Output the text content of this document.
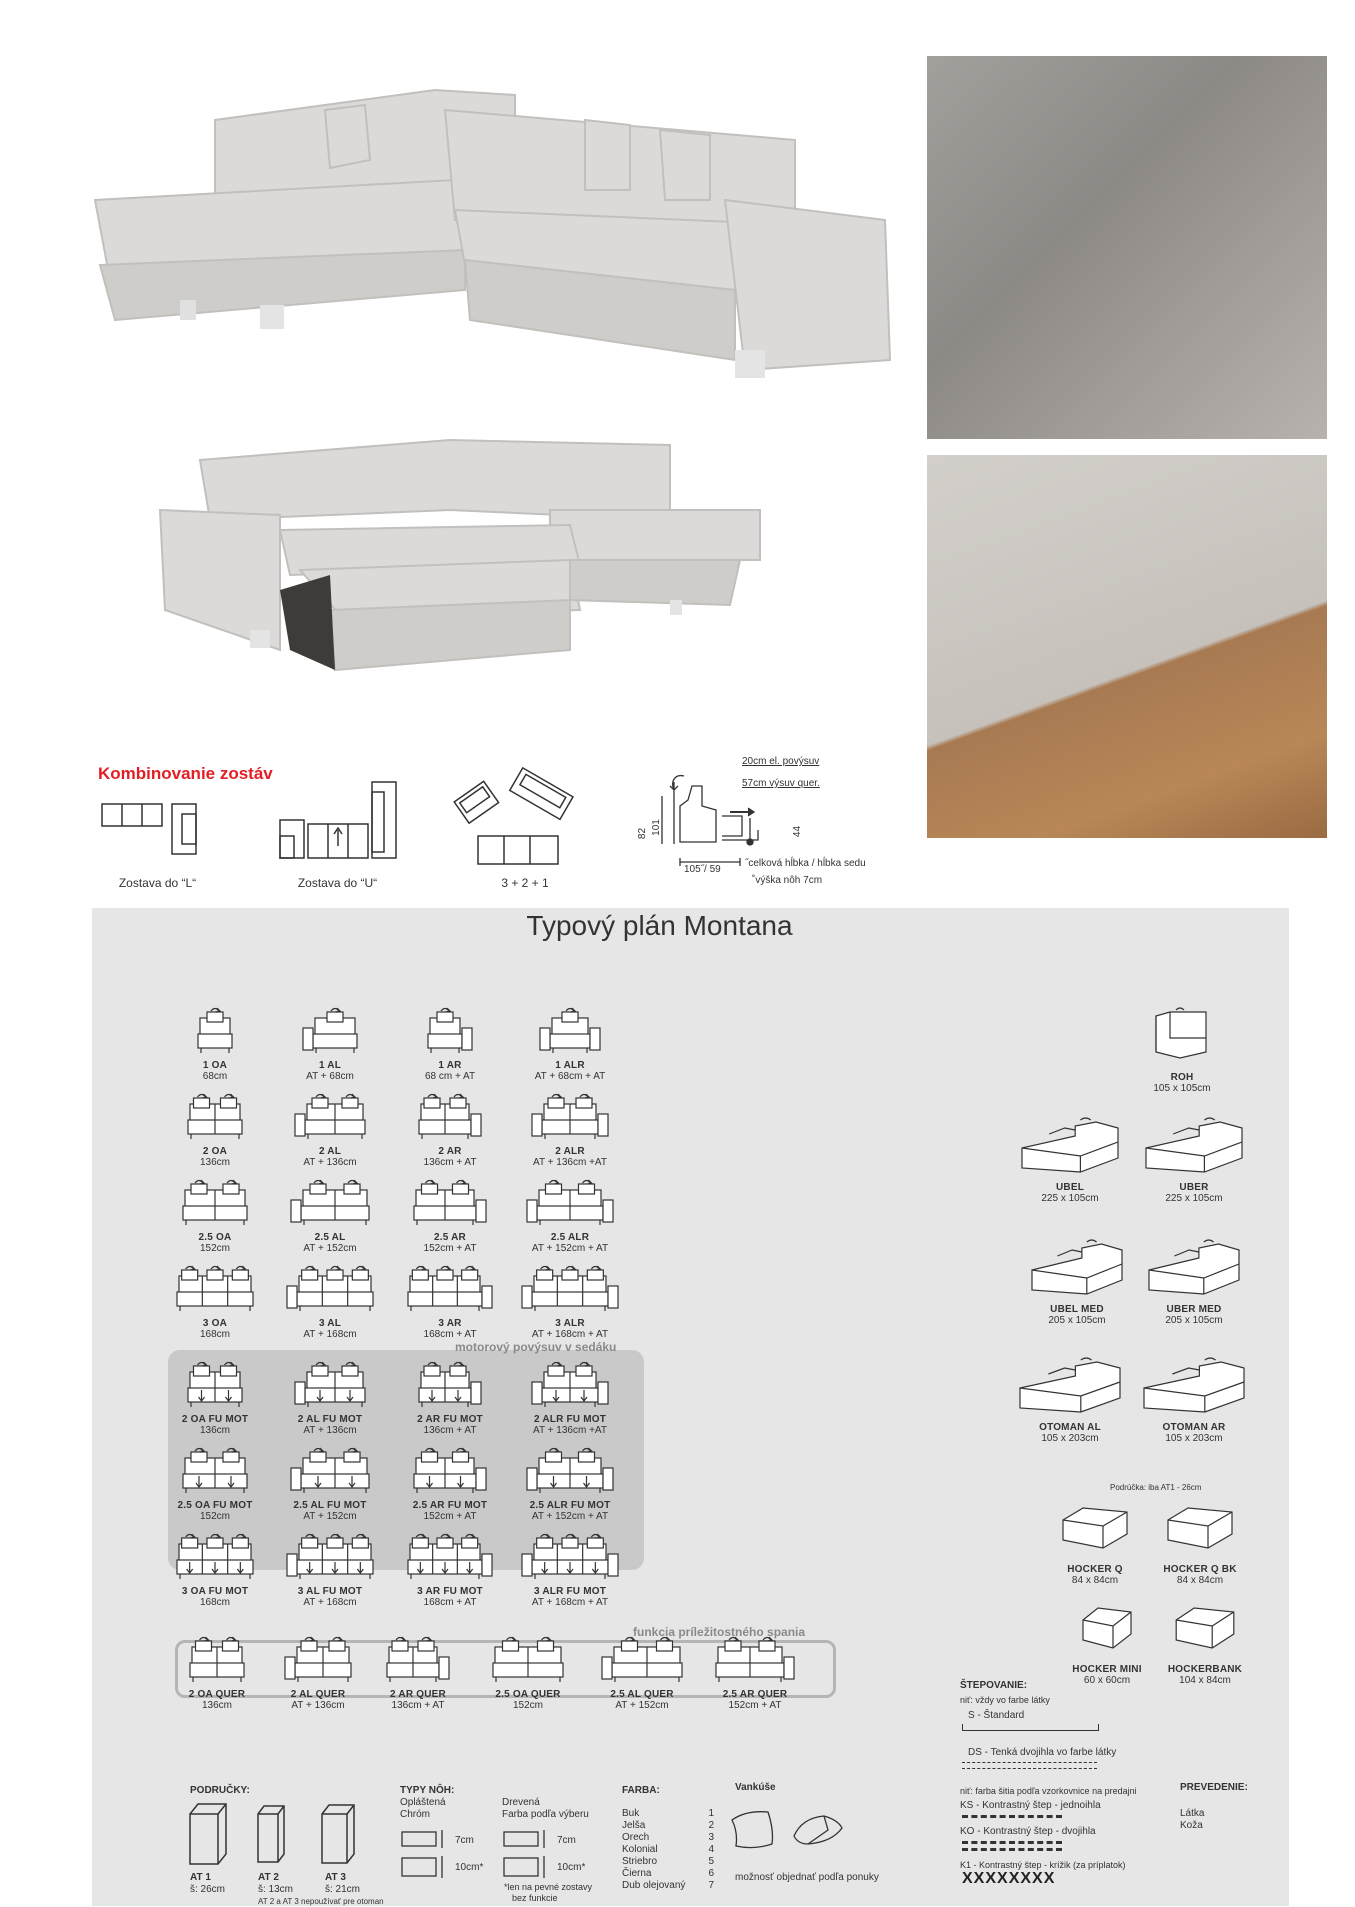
Kombinovanie zostáv
Zostava do “L“	Zostava do “U“	3 + 2 + 1
20cm el. povýsuv
57cm výsuv quer.
82 101	44
105˝/ 59
˝celková hĺbka / hĺbka sedu
˚výška nôh 7cm
Typový plán Montana
motorový povýsuv v sedáku
funkcia príležitostného spania
1 OA
68cm
1 AL
AT + 68cm
1 AR
68 cm + AT
1 ALR
AT + 68cm + AT
2 OA
136cm
2 AL
AT + 136cm
2 AR
136cm + AT
2 ALR
AT + 136cm +AT
2.5 OA
152cm
2.5 AL
AT + 152cm
2.5 AR
152cm + AT
2.5 ALR
AT + 152cm + AT
3 OA
168cm
3 AL
AT + 168cm
3 AR
168cm + AT
3 ALR
AT + 168cm + AT
2 OA FU MOT
136cm
2 AL FU MOT
AT + 136cm
2 AR FU MOT
136cm + AT
2 ALR FU MOT
AT + 136cm +AT
2.5 OA FU MOT
152cm
2.5 AL FU MOT
AT + 152cm
2.5 AR FU MOT
152cm + AT
2.5 ALR FU MOT
AT + 152cm + AT
3 OA FU MOT
168cm
3 AL FU MOT
AT + 168cm
3 AR FU MOT
168cm + AT
3 ALR FU MOT
AT + 168cm + AT
2 OA QUER
136cm
2 AL QUER
AT + 136cm
2 AR QUER
136cm + AT
2.5 OA QUER
152cm
2.5 AL QUER
AT + 152cm
2.5 AR QUER
152cm + AT
ROH
105 x 105cm
UBEL
225 x 105cm
UBER
225 x 105cm
UBEL MED
205 x 105cm
UBER MED
205 x 105cm
OTOMAN AL
105 x 203cm
OTOMAN AR
105 x 203cm
HOCKER Q
84 x 84cm
HOCKER Q BK
84 x 84cm
HOCKER MINI
60 x 60cm
HOCKERBANK
104 x 84cm
Podrúčka: iba AT1 - 26cm
PODRUČKY:
AT 1
š: 26cm
AT 2
š: 13cm
AT 3
š: 21cm
AT 2 a AT 3 nepoužívať pre otoman
TYPY NÔH:
Opláštená
Chróm
Drevená
Farba podľa výberu
7cm
10cm*
7cm
10cm*
*len na pevné zostavy
bez funkcie
FARBA:
Buk	1
Jelša	2
Orech	3
Kolonial	4
Striebro	5
Čierna	6
Dub olejovaný 7
Vankúše
možnosť objednať podľa ponuky
ŠTEPOVANIE:
niť: vždy vo farbe látky
S - Štandard
DS - Tenká dvojihla vo farbe látky
niť: farba šitia podľa vzorkovnice na predajni
KS - Kontrastný štep - jednoihla
KO - Kontrastný štep - dvojihla
K1 - Kontrastný štep - krížik (za príplatok)
XXXXXXXX
PREVEDENIE:
Látka
Koža
